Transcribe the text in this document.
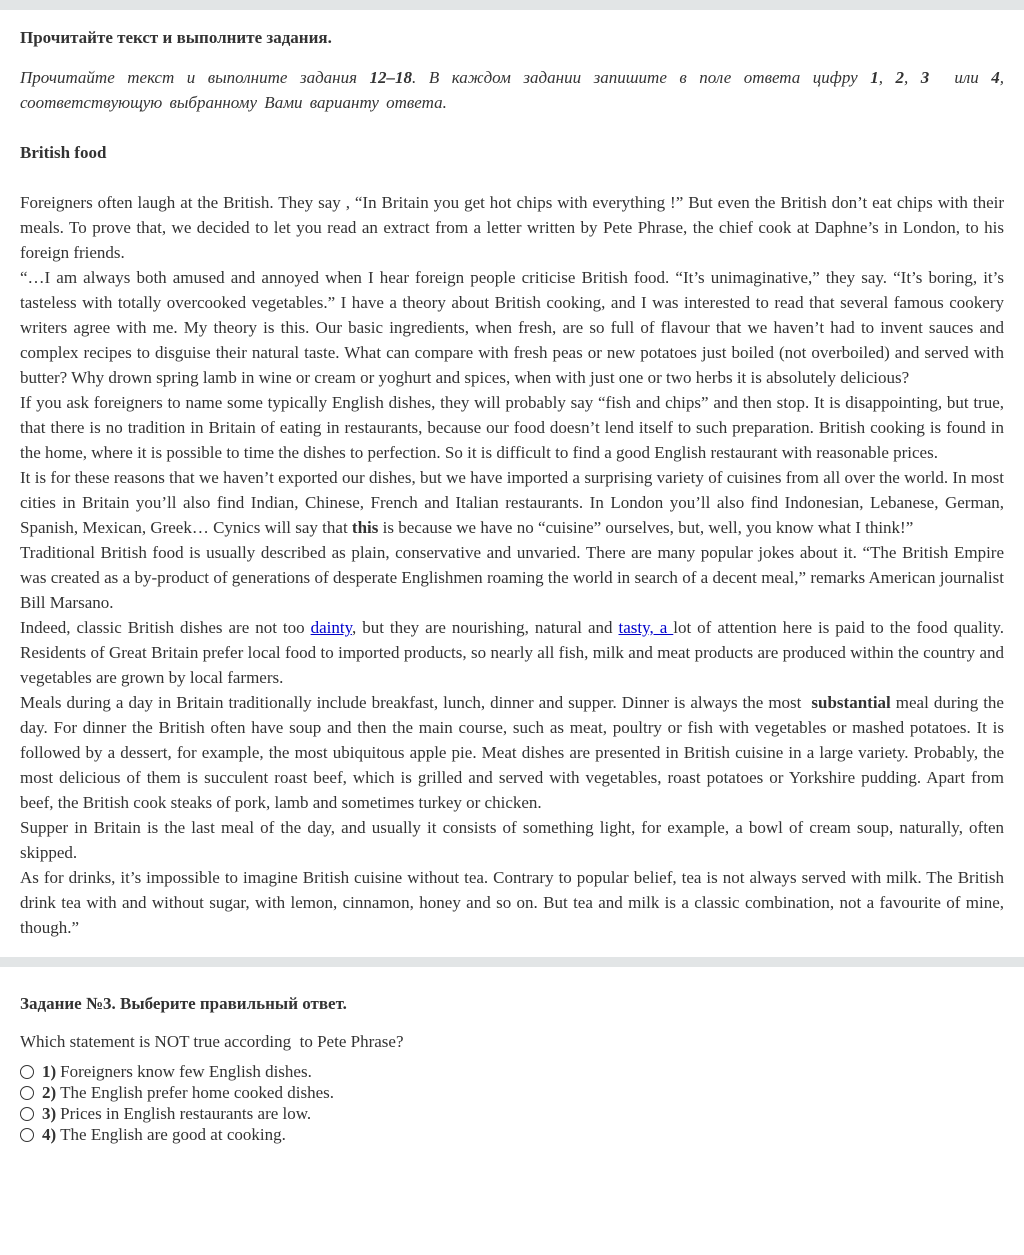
Прочитайте текст и выполните задания.

Прочитайте текст и выполните задания 12–18. В каждом задании запишите в поле ответа цифру 1, 2, 3  или 4, соответствующую выбранному Вами варианту ответа.

British food

Foreigners often laugh at the British. They say , “In Britain you get hot chips with everything !” But even the British don’t eat chips with their meals. To prove that, we decided to let you read an extract from a letter written by Pete Phrase, the chief cook at Daphne’s in London, to his foreign friends.

“…I am always both amused and annoyed when I hear foreign people criticise British food. “It’s unimaginative,” they say. “It’s boring, it’s tasteless with totally overcooked vegetables.” I have a theory about British cooking, and I was interested to read that several famous cookery writers agree with me. My theory is this. Our basic ingredients, when fresh, are so full of flavour that we haven’t had to invent sauces and complex recipes to disguise their natural taste. What can compare with fresh peas or new potatoes just boiled (not overboiled) and served with butter? Why drown spring lamb in wine or cream or yoghurt and spices, when with just one or two herbs it is absolutely delicious?

If you ask foreigners to name some typically English dishes, they will probably say “fish and chips” and then stop. It is disappointing, but true, that there is no tradition in Britain of eating in restaurants, because our food doesn’t lend itself to such preparation. British cooking is found in the home, where it is possible to time the dishes to perfection. So it is difficult to find a good English restaurant with reasonable prices.

It is for these reasons that we haven’t exported our dishes, but we have imported a surprising variety of cuisines from all over the world. In most cities in Britain you’ll also find Indian, Chinese, French and Italian restaurants. In London you’ll also find Indonesian, Lebanese, German, Spanish, Mexican, Greek… Cynics will say that this is because we have no “cuisine” ourselves, but, well, you know what I think!”

Traditional British food is usually described as plain, conservative and unvaried. There are many popular jokes about it. “The British Empire was created as a by-product of generations of desperate Englishmen roaming the world in search of a decent meal,” remarks American journalist Bill Marsano.

Indeed, classic British dishes are not too dainty, but they are nourishing, natural and tasty, a lot of attention here is paid to the food quality. Residents of Great Britain prefer local food to imported products, so nearly all fish, milk and meat products are produced within the country and vegetables are grown by local farmers.

Meals during a day in Britain traditionally include breakfast, lunch, dinner and supper. Dinner is always the most  substantial meal during the day. For dinner the British often have soup and then the main course, such as meat, poultry or fish with vegetables or mashed potatoes. It is followed by a dessert, for example, the most ubiquitous apple pie. Meat dishes are presented in British cuisine in a large variety. Probably, the most delicious of them is succulent roast beef, which is grilled and served with vegetables, roast potatoes or Yorkshire pudding. Apart from beef, the British cook steaks of pork, lamb and sometimes turkey or chicken.

Supper in Britain is the last meal of the day, and usually it consists of something light, for example, a bowl of cream soup, naturally, often skipped.

As for drinks, it’s impossible to imagine British cuisine without tea. Contrary to popular belief, tea is not always served with milk. The British drink tea with and without sugar, with lemon, cinnamon, honey and so on. But tea and milk is a classic combination, not a favourite of mine, though.”

Задание №3. Выберите правильный ответ.
Which statement is NOT true according  to Pete Phrase?
1) Foreigners know few English dishes.
2) The English prefer home cooked dishes.
3) Prices in English restaurants are low.
4) The English are good at cooking.
